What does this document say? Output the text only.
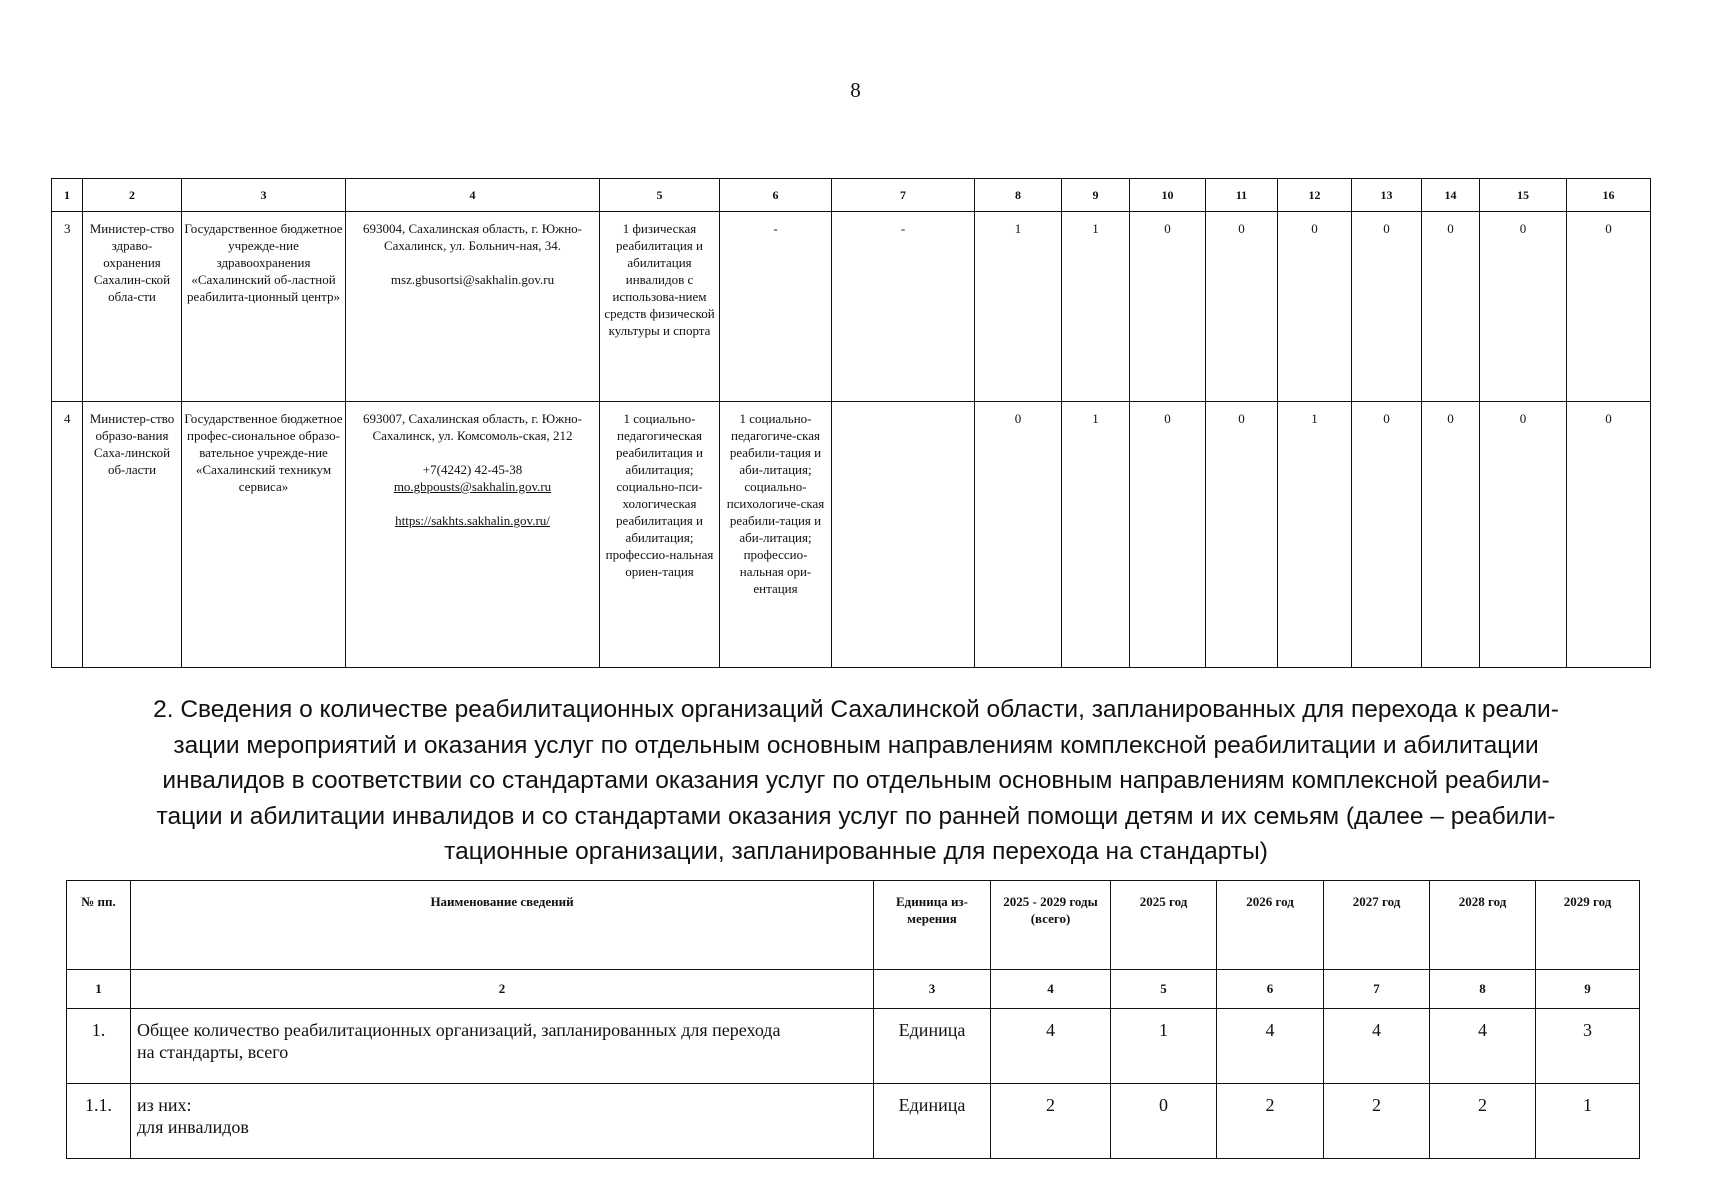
8
1	2	3	4	5	6	7	8	9	10	11	12	13	14	15	16
3	Министер-ство здраво-охранения Сахалин-ской обла-сти	Государственное бюджетное учрежде-ние здравоохранения «Сахалинский об-ластной реабилита-ционный центр»	693004, Сахалинская область, г. Южно-Сахалинск, ул. Больнич-ная, 34.
msz.gbusortsi@sakhalin.gov.ru	1 физическая реабилитация и абилитация инвалидов с использова-нием средств физической культуры и спорта	-	-	1	1	0	0	0	0	0	0	0
4	Министер-ство образо-вания Саха-линской об-ласти	Государственное бюджетное профес-сиональное образо-вательное учрежде-ние «Сахалинский техникум сервиса»	693007, Сахалинская область, г. Южно-Сахалинск, ул. Комсомоль-ская, 212
+7(4242) 42-45-38
mo.gbpousts@sakhalin.gov.ru
https://sakhts.sakhalin.gov.ru/	1 социально-педагогическая реабилитация и абилитация; социально-пси-хологическая реабилитация и абилитация; профессио-нальная ориен-тация	1 социально-педагогиче-ская реабили-тация и аби-литация; социально-психологиче-ская реабили-тация и аби-литация; профессио-нальная ори-ентация		0	1	0	0	1	0	0	0	0
2. Сведения о количестве реабилитационных организаций Сахалинской области, запланированных для перехода к реали-
зации мероприятий и оказания услуг по отдельным основным направлениям комплексной реабилитации и абилитации
инвалидов в соответствии со стандартами оказания услуг по отдельным основным направлениям комплексной реабили-
тации и абилитации инвалидов и со стандартами оказания услуг по ранней помощи детям и их семьям (далее – реабили-
тационные организации, запланированные для перехода на стандарты)
№ пп.	Наименование сведений	Единица из-мерения	2025 - 2029 годы (всего)	2025 год	2026 год	2027 год	2028 год	2029 год
1	2	3	4	5	6	7	8	9
1.	Общее количество реабилитационных организаций, запланированных для перехода
на стандарты, всего	Единица	4	1	4	4	4	3
1.1.	из них:
для инвалидов	Единица	2	0	2	2	2	1
